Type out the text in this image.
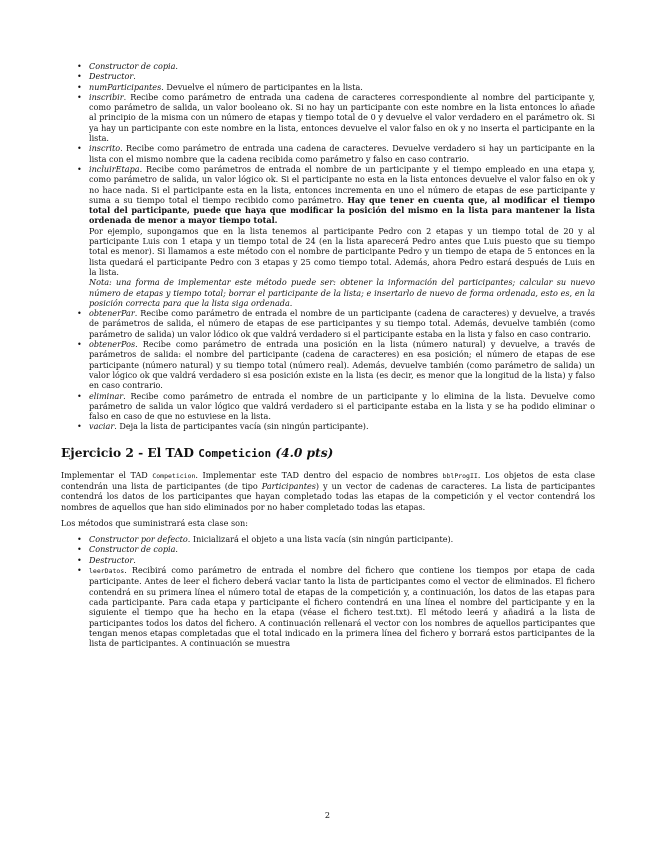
• Constructor de copia.
• Destructor.
• numParticipantes. Devuelve el número de participantes en la lista.
• inscribir. Recibe como parámetro de entrada una cadena de caracteres correspondiente al nombre del participante y, como parámetro de salida, un valor booleano ok. Si no hay un participante con este nombre en la lista entonces lo añade al principio de la misma con un número de etapas y tiempo total de 0 y devuelve el valor verdadero en el parámetro ok. Si ya hay un participante con este nombre en la lista, entonces devuelve el valor falso en ok y no inserta el participante en la lista.
• inscrito. Recibe como parámetro de entrada una cadena de caracteres. Devuelve verdadero si hay un participante en la lista con el mismo nombre que la cadena recibida como parámetro y falso en caso contrario.
• incluirEtapa. Recibe como parámetros de entrada el nombre de un participante y el tiempo empleado en una etapa y, como parámetro de salida, un valor lógico ok. Si el participante no esta en la lista entonces devuelve el valor falso en ok y no hace nada. Si el participante esta en la lista, entonces incrementa en uno el número de etapas de ese participante y suma a su tiempo total el tiempo recibido como parámetro. Hay que tener en cuenta que, al modificar el tiempo total del participante, puede que haya que modificar la posición del mismo en la lista para mantener la lista ordenada de menor a mayor tiempo total.
Por ejemplo, supongamos que en la lista tenemos al participante Pedro con 2 etapas y un tiempo total de 20 y al participante Luis con 1 etapa y un tiempo total de 24 (en la lista aparecerá Pedro antes que Luis puesto que su tiempo total es menor). Si llamamos a este método con el nombre de participante Pedro y un tiempo de etapa de 5 entonces en la lista quedará el participante Pedro con 3 etapas y 25 como tiempo total. Además, ahora Pedro estará después de Luis en la lista.
Nota: una forma de implementar este método puede ser: obtener la información del participantes; calcular su nuevo número de etapas y tiempo total; borrar el participante de la lista; e insertarlo de nuevo de forma ordenada, esto es, en la posición correcta para que la lista siga ordenada.
• obtenerPar. Recibe como parámetro de entrada el nombre de un participante (cadena de caracteres) y devuelve, a través de parámetros de salida, el número de etapas de ese participantes y su tiempo total. Además, devuelve también (como parámetro de salida) un valor lódico ok que valdrá verdadero si el participante estaba en la lista y falso en caso contrario.
• obtenerPos. Recibe como parámetro de entrada una posición en la lista (número natural) y devuelve, a través de parámetros de salida: el nombre del participante (cadena de caracteres) en esa posición; el número de etapas de ese participante (número natural) y su tiempo total (número real). Además, devuelve también (como parámetro de salida) un valor lógico ok que valdrá verdadero si esa posición existe en la lista (es decir, es menor que la longitud de la lista) y falso en caso contrario.
• eliminar. Recibe como parámetro de entrada el nombre de un participante y lo elimina de la lista. Devuelve como parámetro de salida un valor lógico que valdrá verdadero si el participante estaba en la lista y se ha podido eliminar o falso en caso de que no estuviese en la lista.
• vaciar. Deja la lista de participantes vacía (sin ningún participante).
Ejercicio 2 - El TAD Competicion (4.0 pts)

Implementar el TAD Competicion. Implementar este TAD dentro del espacio de nombres bblProgII. Los objetos de esta clase contendrán una lista de participantes (de tipo Participantes) y un vector de cadenas de caracteres. La lista de participantes contendrá los datos de los participantes que hayan completado todas las etapas de la competición y el vector contendrá los nombres de aquellos que han sido eliminados por no haber completado todas las etapas.

Los métodos que suministrará esta clase son:

• Constructor por defecto. Inicializará el objeto a una lista vacía (sin ningún participante).
• Constructor de copia.
• Destructor.
• leerDatos. Recibirá como parámetro de entrada el nombre del fichero que contiene los tiempos por etapa de cada participante. Antes de leer el fichero deberá vaciar tanto la lista de participantes como el vector de eliminados. El fichero contendrá en su primera línea el número total de etapas de la competición y, a continuación, los datos de las etapas para cada participante. Para cada etapa y participante el fichero contendrá en una línea el nombre del participante y en la siguiente el tiempo que ha hecho en la etapa (véase el fichero test.txt). El método leerá y añadirá a la lista de participantes todos los datos del fichero. A continuación rellenará el vector con los nombres de aquellos participantes que tengan menos etapas completadas que el total indicado en la primera línea del fichero y borrará estos participantes de la lista de participantes. A continuación se muestra
2
